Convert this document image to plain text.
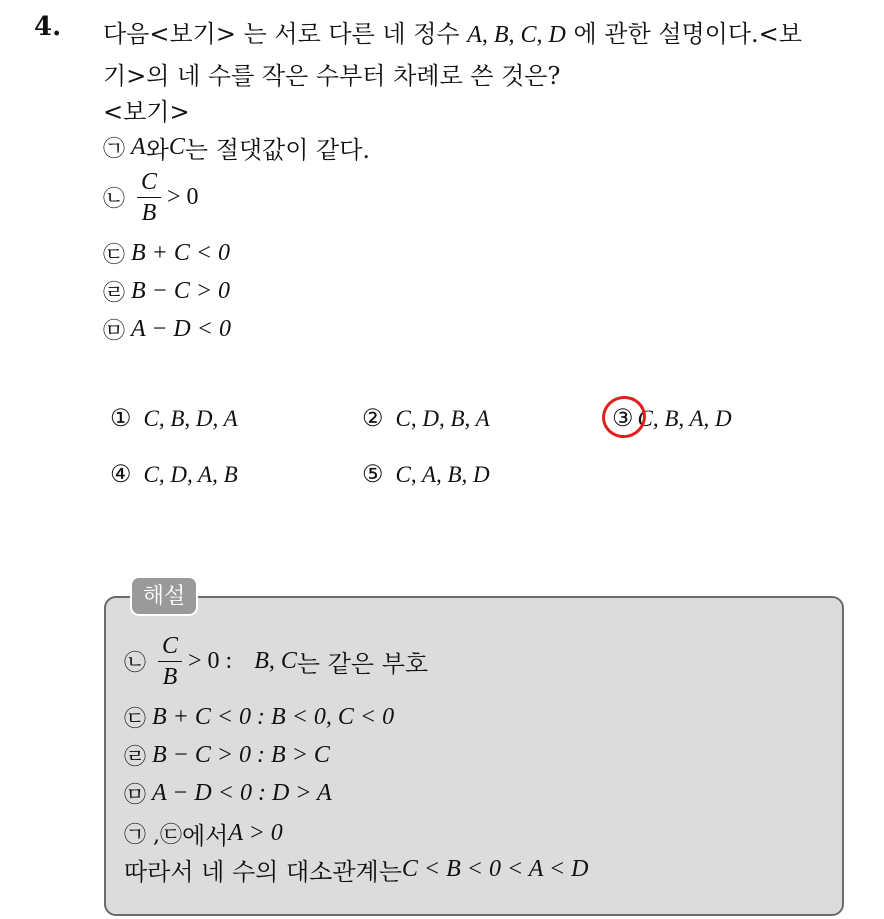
4. 다음<보기> 는 서로 다른 네 정수 A, B, C, D 에 관한 설명이다.<보
기>의 네 수를 작은 수부터 차례로 쓴 것은?
<보기>
㉠ A 와 C 는 절댓값이 같다.
㉡ $\frac{C}{B} > 0$
㉢ B + C < 0
㉣ B − C > 0
㉤ A − D < 0
① C, B, D, A	② C, D, B, A	③ C, B, A, D
④ C, D, A, B	⑤ C, A, B, D
해설
㉡ $\frac{C}{B} > 0$ : B, C 는 같은 부호
㉢ B + C < 0 : B < 0, C < 0
㉣ B − C > 0 : B > C
㉤ A − D < 0 : D > A
㉠ ,㉢ 에서 A > 0
따라서 네 수의 대소관계는 C < B < 0 < A < D
